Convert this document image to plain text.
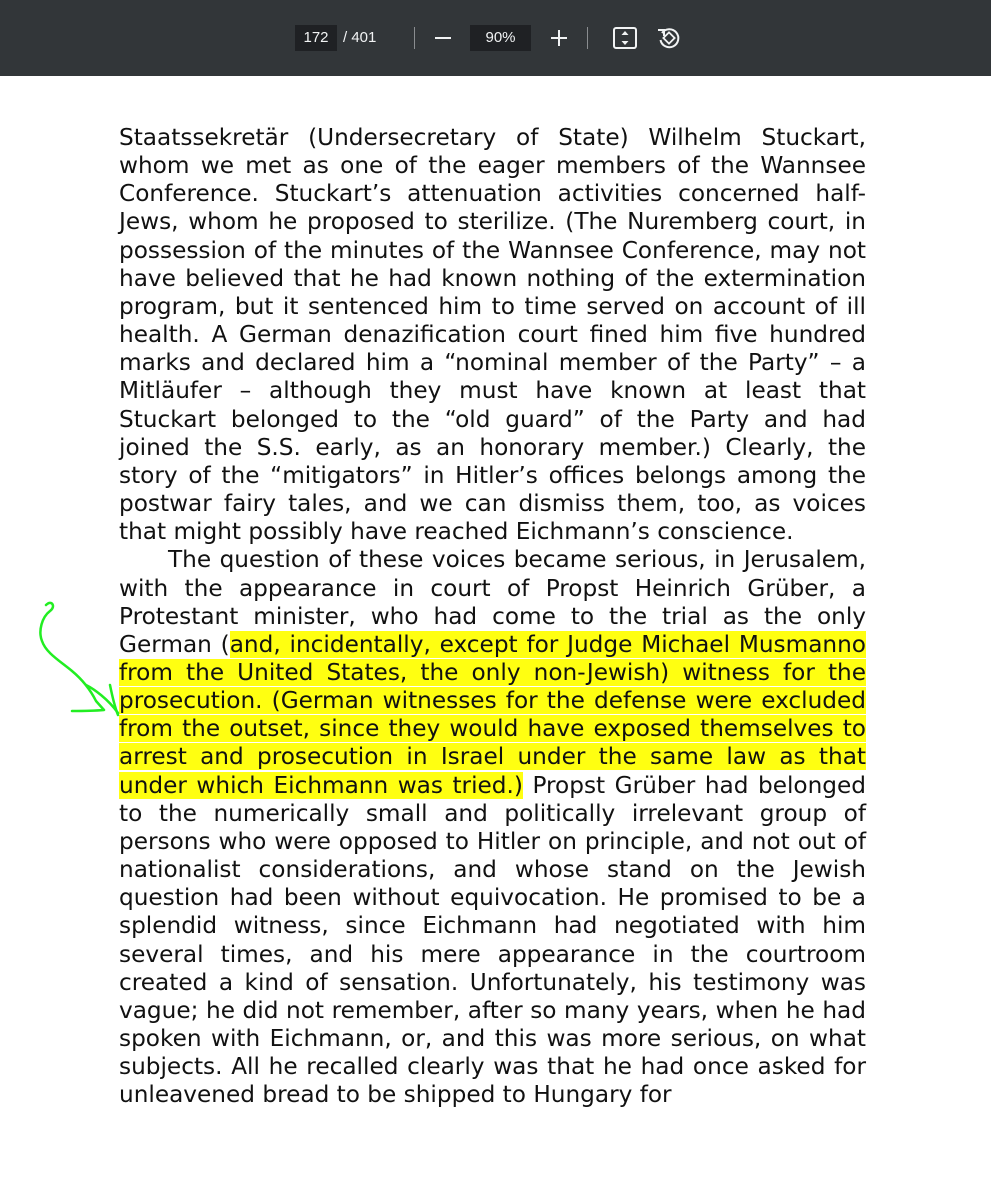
172 / 401	90%

Staatssekretär (Undersecretary of State) Wilhelm Stuckart, whom we met as one of the eager members of the Wannsee Conference. Stuckart’s attenuation activities concerned half-Jews, whom he proposed to sterilize. (The Nuremberg court, in possession of the minutes of the Wannsee Conference, may not have believed that he had known nothing of the extermination program, but it sentenced him to time served on account of ill health. A German denazification court fined him five hundred marks and declared him a “nominal member of the Party” – a Mitläufer – although they must have known at least that Stuckart belonged to the “old guard” of the Party and had joined the S.S. early, as an honorary member.) Clearly, the story of the “mitigators” in Hitler’s offices belongs among the postwar fairy tales, and we can dismiss them, too, as voices that might possibly have reached Eichmann’s conscience.

The question of these voices became serious, in Jerusalem, with the appearance in court of Propst Heinrich Grüber, a Protestant minister, who had come to the trial as the only German (and, incidentally, except for Judge Michael Musmanno from the United States, the only non-Jewish) witness for the prosecution. (German witnesses for the defense were excluded from the outset, since they would have exposed themselves to arrest and prosecution in Israel under the same law as that under which Eichmann was tried.) Propst Grüber had belonged to the numerically small and politically irrelevant group of persons who were opposed to Hitler on principle, and not out of nationalist considerations, and whose stand on the Jewish question had been without equivocation. He promised to be a splendid witness, since Eichmann had negotiated with him several times, and his mere appearance in the courtroom created a kind of sensation. Unfortunately, his testimony was vague; he did not remember, after so many years, when he had spoken with Eichmann, or, and this was more serious, on what subjects. All he recalled clearly was that he had once asked for unleavened bread to be shipped to Hungary for
